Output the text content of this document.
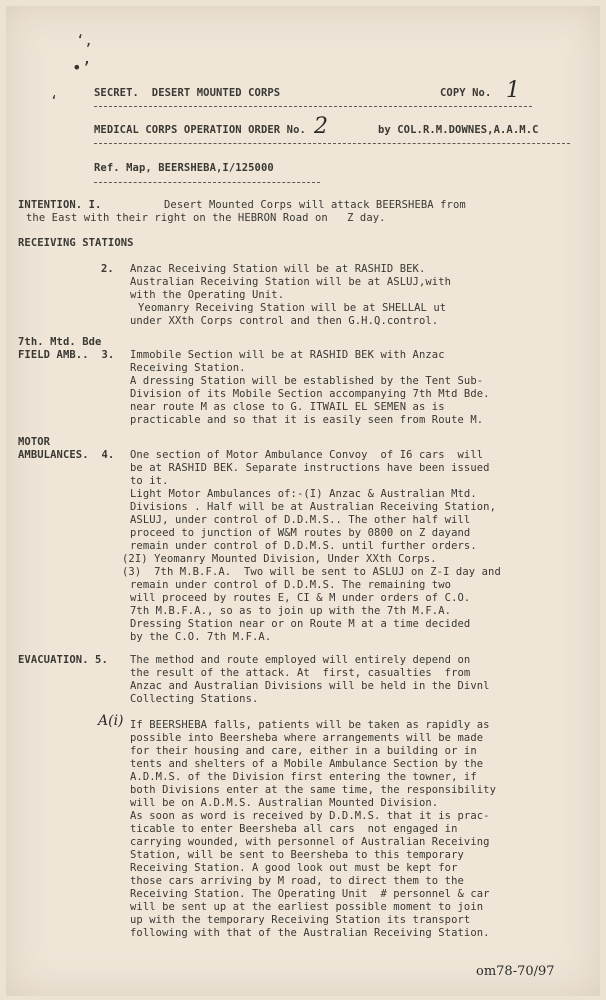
‘,
•’
‘
SECRET.  DESERT MOUNTED CORPS	COPY No. 1
MEDICAL CORPS OPERATION ORDER No. 2	by COL.R.M.DOWNES,A.A.M.C
Ref. Map, BEERSHEBA,I/125000
INTENTION. I.	Desert Mounted Corps will attack BEERSHEBA from
the East with their right on the HEBRON Road on   Z day.
RECEIVING STATIONS
2. Anzac Receiving Station will be at RASHID BEK.
Australian Receiving Station will be at ASLUJ,with
with the Operating Unit.
Yeomanry Receiving Station will be at SHELLAL ut
under XXth Corps control and then G.H.Q.control.
7th. Mtd. Bde
FIELD AMB..  3. Immobile Section will be at RASHID BEK with Anzac
Receiving Station.
A dressing Station will be established by the Tent Sub-
Division of its Mobile Section accompanying 7th Mtd Bde.
near route M as close to G. ITWAIL EL SEMEN as is
practicable and so that it is easily seen from Route M.
MOTOR
AMBULANCES.  4. One section of Motor Ambulance Convoy  of I6 cars  will
be at RASHID BEK. Separate instructions have been issued
to it.
Light Motor Ambulances of:-(I) Anzac & Australian Mtd.
Divisions . Half will be at Australian Receiving Station,
ASLUJ, under control of D.D.M.S.. The other half will
proceed to junction of W&M routes by 0800 on Z dayand
remain under control of D.D.M.S. until further orders.
(2I) Yeomanry Mounted Division, Under XXth Corps.
(3)  7th M.B.F.A.  Two will be sent to ASLUJ on Z-I day and
remain under control of D.D.M.S. The remaining two
will proceed by routes E, CI & M under orders of C.O.
7th M.B.F.A., so as to join up with the 7th M.F.A.
Dressing Station near or on Route M at a time decided
by the C.O. 7th M.F.A.
EVACUATION. 5. The method and route employed will entirely depend on
the result of the attack. At  first, casualties  from
Anzac and Australian Divisions will be held in the Divnl
Collecting Stations.
A(i) If BEERSHEBA falls, patients will be taken as rapidly as
possible into Beersheba where arrangements will be made
for their housing and care, either in a building or in
tents and shelters of a Mobile Ambulance Section by the
A.D.M.S. of the Division first entering the towner, if
both Divisions enter at the same time, the responsibility
will be on A.D.M.S. Australian Mounted Division.
As soon as word is received by D.D.M.S. that it is prac-
ticable to enter Beersheba all cars  not engaged in
carrying wounded, with personnel of Australian Receiving
Station, will be sent to Beersheba to this temporary
Receiving Station. A good look out must be kept for
those cars arriving by M road, to direct them to the
Receiving Station. The Operating Unit  # personnel & car
will be sent up at the earliest possible moment to join
up with the temporary Receiving Station its transport
following with that of the Australian Receiving Station.
om78-70/97
